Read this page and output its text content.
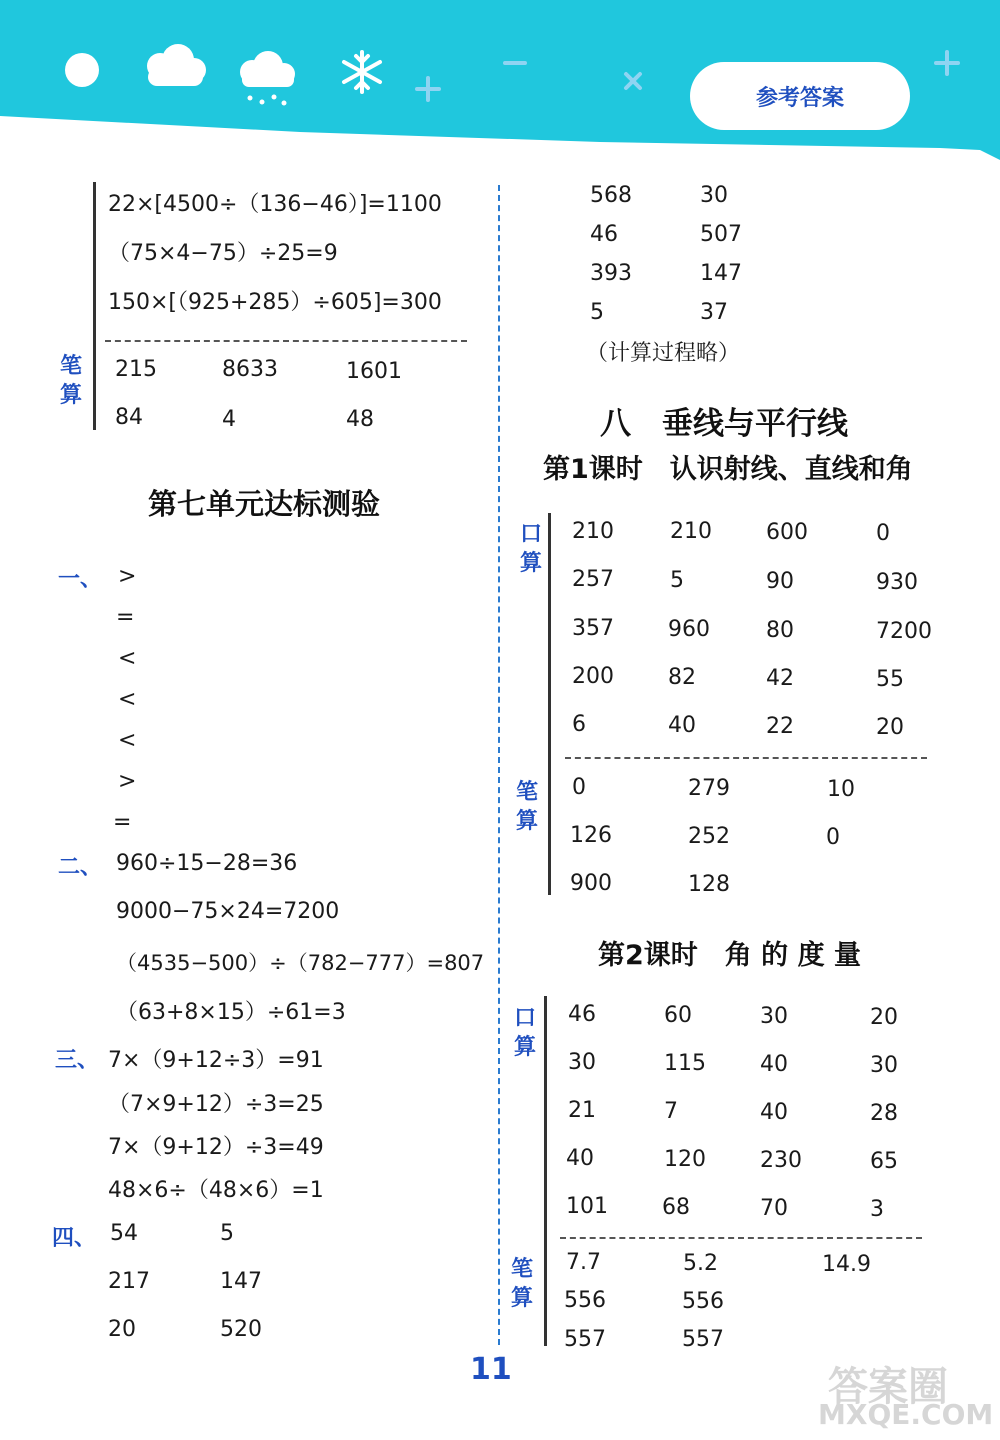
参考答案
22×[4500÷（136−46）]=1100
（75×4−75）÷25=9
150×[（925+285）÷605]=300
笔算
215	8633	1601
84	4	48
第七单元达标测验
一、 >
=
<
<
<
>
=
二、 960÷15−28=36
9000−75×24=7200
（4535−500）÷（782−777）=807
（63+8×15）÷61=3
三、 7×（9+12÷3）=91
（7×9+12）÷3=25
7×（9+12）÷3=49
48×6÷（48×6）=1
四、 54	5
217	147
20	520
568	30
46	507
393	147
5	37
（计算过程略）
八　垂线与平行线
第1课时　认识射线、直线和角
口算
210	210 600	0
257	5	90	930
357 960	80	7200
200 82	42	55
6	40	22	20
笔算
0	279	10
126	252	0
900	128
第2课时　角 的 度 量
口算
46	60	30	20
30	115 40	30
21	7	40	28
40	120 230	65
101 68	70	3
笔算
7.7	5.2	14.9
556	556
557	557
11	答案圈
MXQE.COM
